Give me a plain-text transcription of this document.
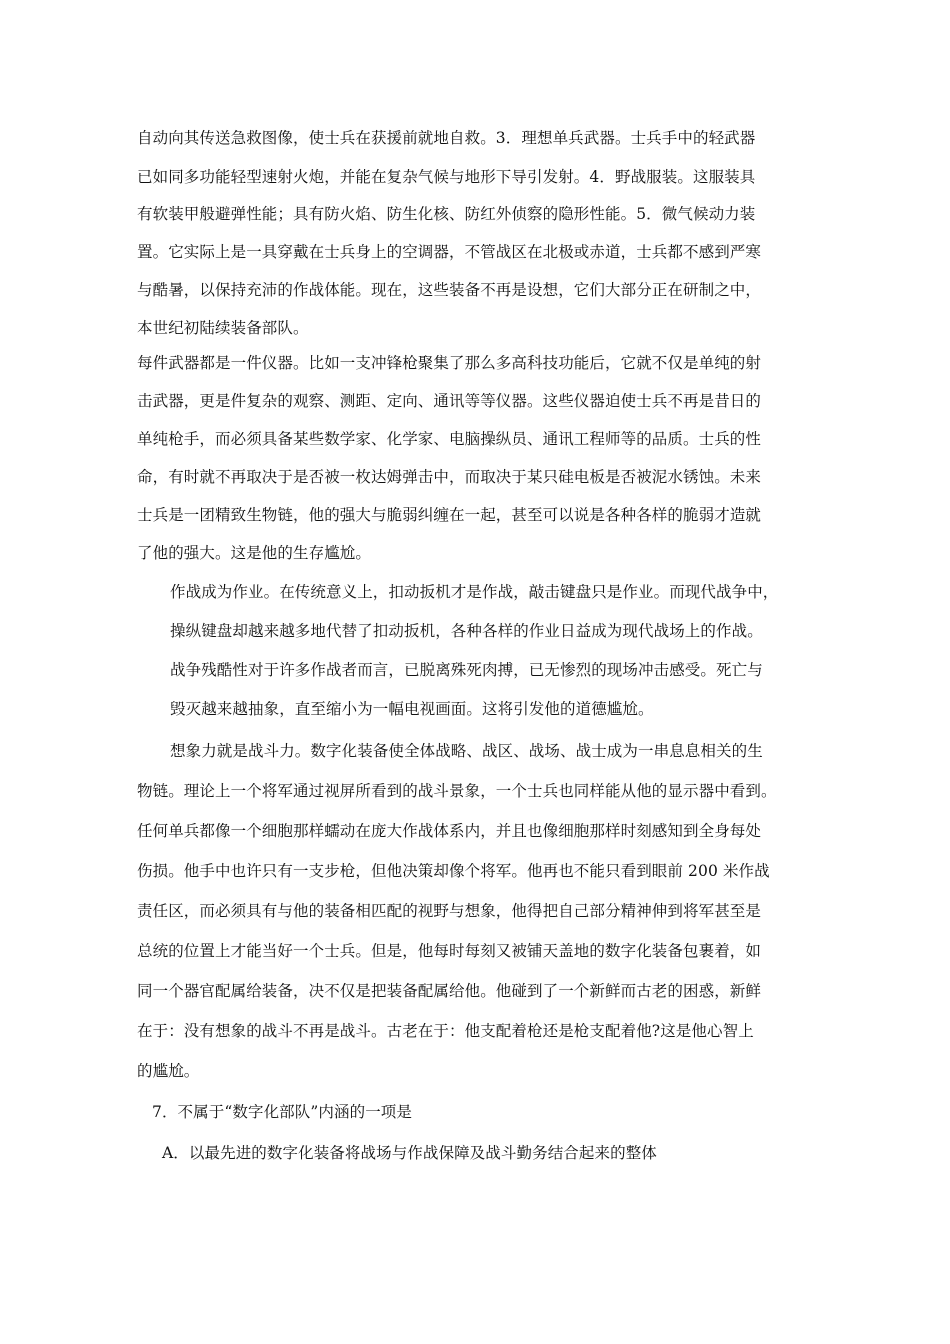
自动向其传送急救图像，使士兵在获援前就地自救。3．理想单兵武器。士兵手中的轻武器
已如同多功能轻型速射火炮，并能在复杂气候与地形下导引发射。4．野战服装。这服装具
有软装甲般避弹性能；具有防火焰、防生化核、防红外侦察的隐形性能。5．微气候动力装
置。它实际上是一具穿戴在士兵身上的空调器，不管战区在北极或赤道，士兵都不感到严寒
与酷暑，以保持充沛的作战体能。现在，这些装备不再是设想，它们大部分正在研制之中，
本世纪初陆续装备部队。
每件武器都是一件仪器。比如一支冲锋枪聚集了那么多高科技功能后，它就不仅是单纯的射
击武器，更是件复杂的观察、测距、定向、通讯等等仪器。这些仪器迫使士兵不再是昔日的
单纯枪手，而必须具备某些数学家、化学家、电脑操纵员、通讯工程师等的品质。士兵的性
命，有时就不再取决于是否被一枚达姆弹击中，而取决于某只硅电板是否被泥水锈蚀。未来
士兵是一团精致生物链，他的强大与脆弱纠缠在一起，甚至可以说是各种各样的脆弱才造就
了他的强大。这是他的生存尴尬。
作战成为作业。在传统意义上，扣动扳机才是作战，敲击键盘只是作业。而现代战争中，
操纵键盘却越来越多地代替了扣动扳机，各种各样的作业日益成为现代战场上的作战。
战争残酷性对于许多作战者而言，已脱离殊死肉搏，已无惨烈的现场冲击感受。死亡与
毁灭越来越抽象，直至缩小为一幅电视画面。这将引发他的道德尴尬。
想象力就是战斗力。数字化装备使全体战略、战区、战场、战士成为一串息息相关的生
物链。理论上一个将军通过视屏所看到的战斗景象，一个士兵也同样能从他的显示器中看到。
任何单兵都像一个细胞那样蠕动在庞大作战体系内，并且也像细胞那样时刻感知到全身每处
伤损。他手中也许只有一支步枪，但他决策却像个将军。他再也不能只看到眼前 200 米作战
责任区，而必须具有与他的装备相匹配的视野与想象，他得把自己部分精神伸到将军甚至是
总统的位置上才能当好一个士兵。但是，他每时每刻又被铺天盖地的数字化装备包裹着，如
同一个器官配属给装备，决不仅是把装备配属给他。他碰到了一个新鲜而古老的困惑，新鲜
在于：没有想象的战斗不再是战斗。古老在于：他支配着枪还是枪支配着他?这是他心智上
的尴尬。
7．不属于“数字化部队”内涵的一项是
A．以最先进的数字化装备将战场与作战保障及战斗勤务结合起来的整体
